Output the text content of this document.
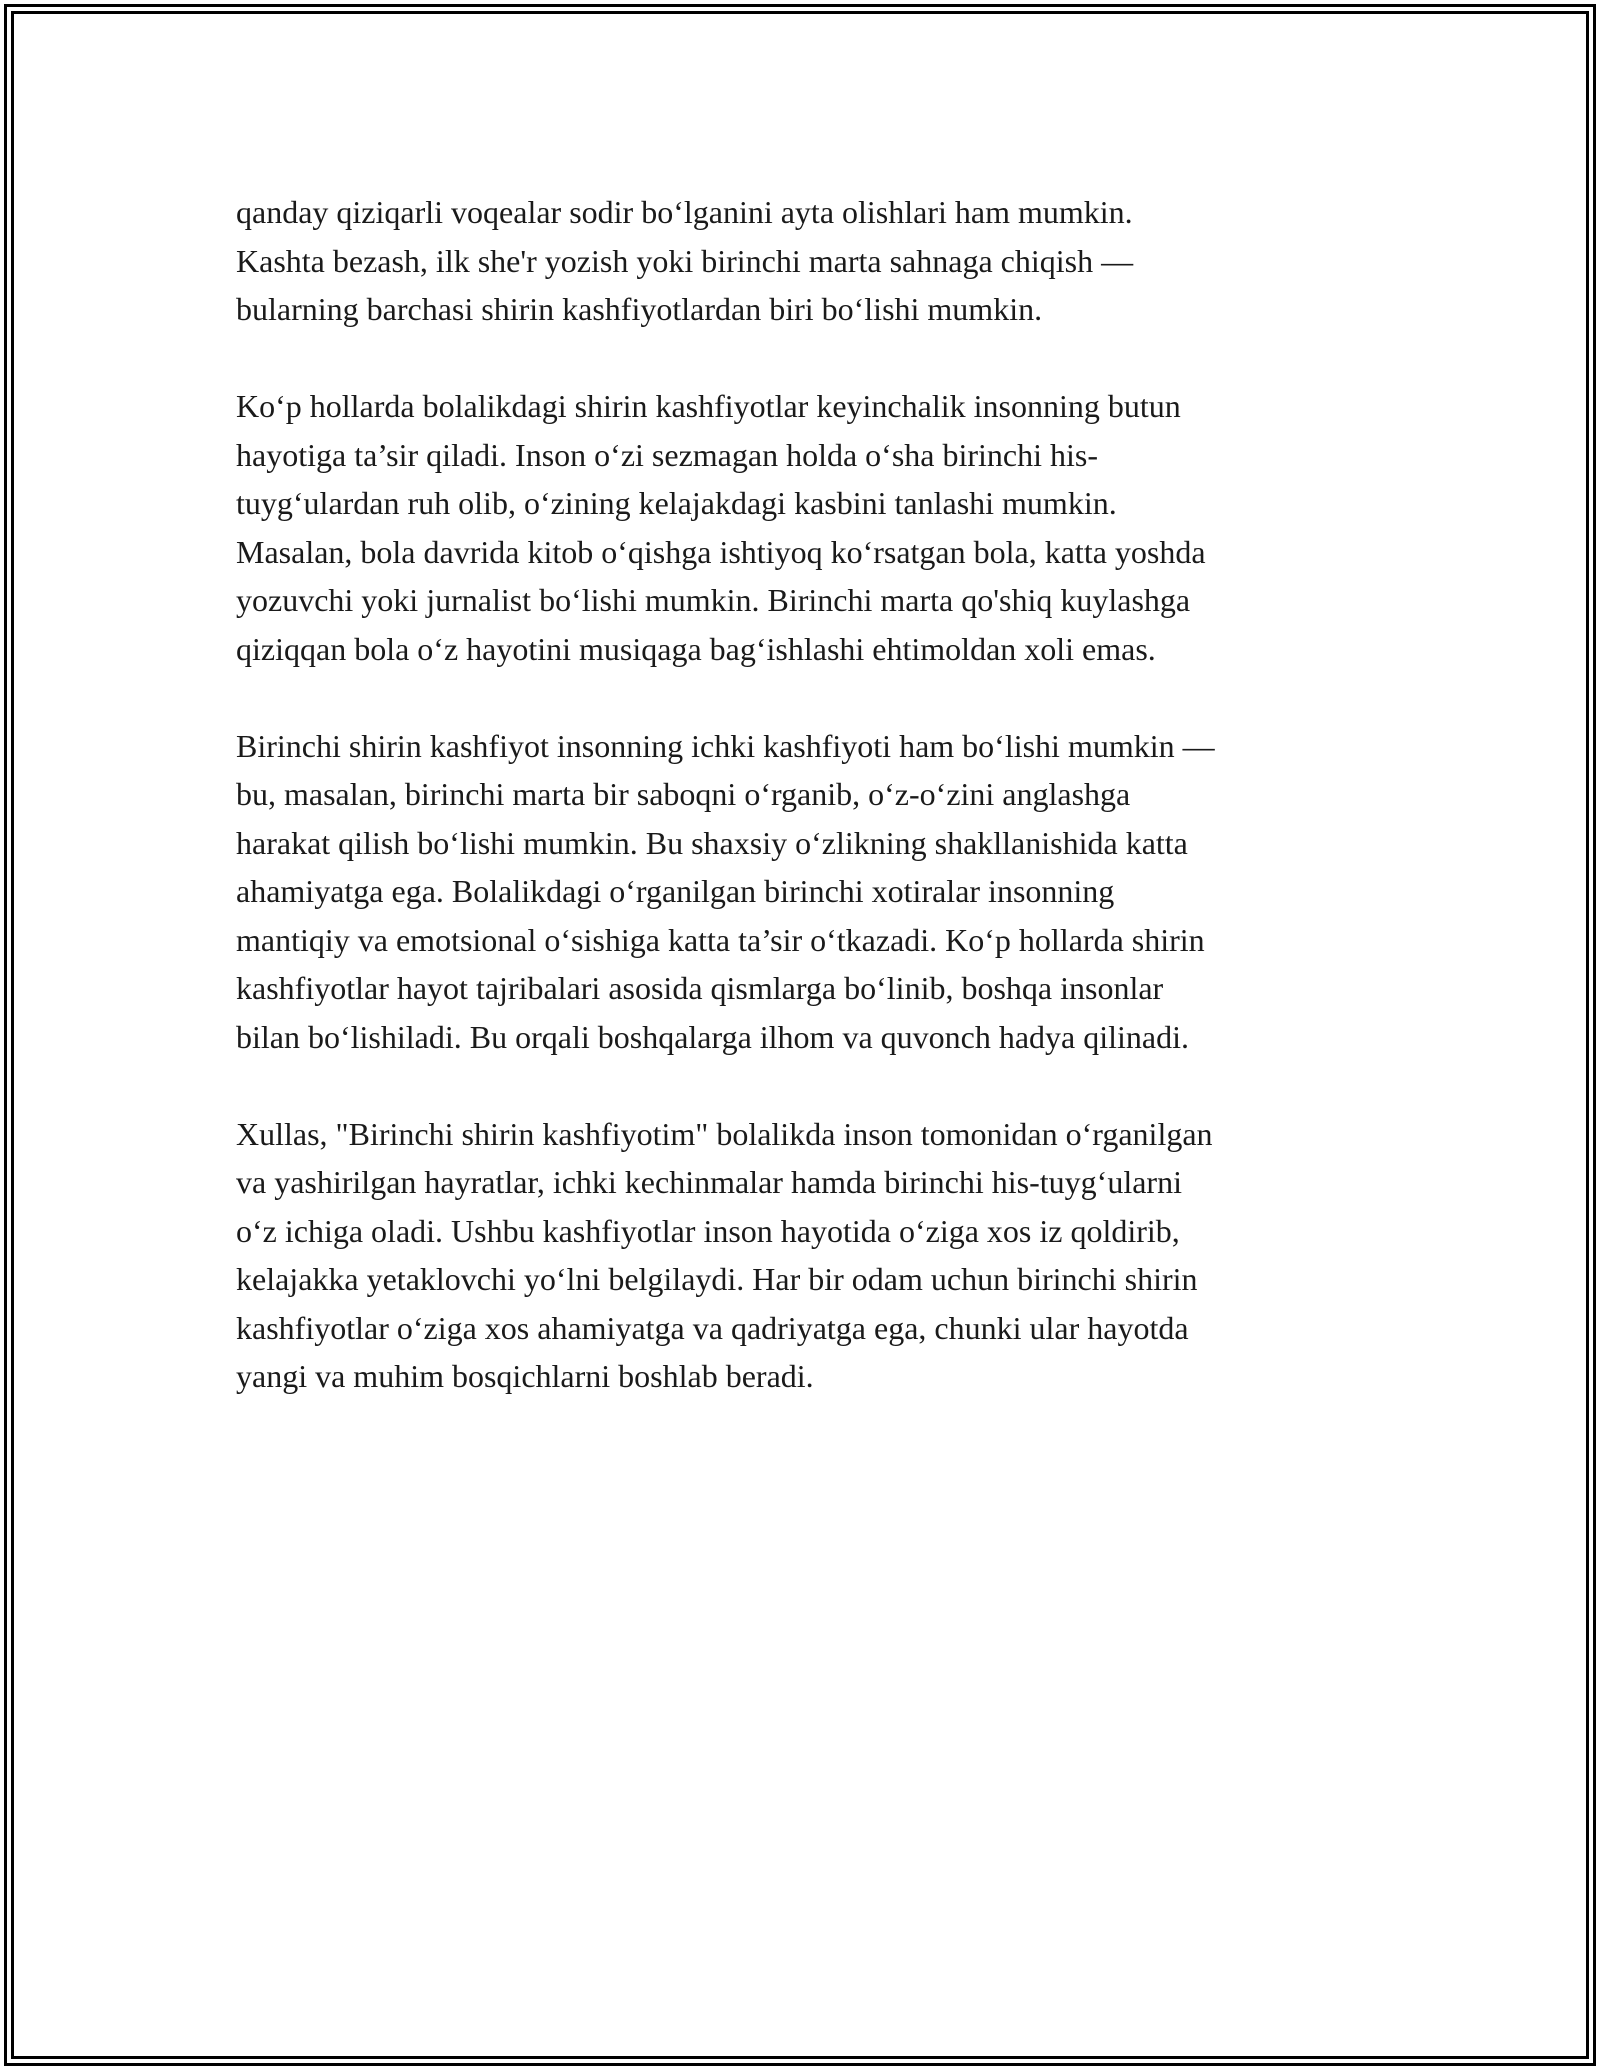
qanday qiziqarli voqealar sodir bo‘lganini ayta olishlari ham mumkin.
Kashta bezash, ilk she'r yozish yoki birinchi marta sahnaga chiqish —
bularning barchasi shirin kashfiyotlardan biri bo‘lishi mumkin.

Ko‘p hollarda bolalikdagi shirin kashfiyotlar keyinchalik insonning butun
hayotiga ta’sir qiladi. Inson o‘zi sezmagan holda o‘sha birinchi his-
tuyg‘ulardan ruh olib, o‘zining kelajakdagi kasbini tanlashi mumkin.
Masalan, bola davrida kitob o‘qishga ishtiyoq ko‘rsatgan bola, katta yoshda
yozuvchi yoki jurnalist bo‘lishi mumkin. Birinchi marta qo'shiq kuylashga
qiziqqan bola o‘z hayotini musiqaga bag‘ishlashi ehtimoldan xoli emas.

Birinchi shirin kashfiyot insonning ichki kashfiyoti ham bo‘lishi mumkin —
bu, masalan, birinchi marta bir saboqni o‘rganib, o‘z-o‘zini anglashga
harakat qilish bo‘lishi mumkin. Bu shaxsiy o‘zlikning shakllanishida katta
ahamiyatga ega. Bolalikdagi o‘rganilgan birinchi xotiralar insonning
mantiqiy va emotsional o‘sishiga katta ta’sir o‘tkazadi. Ko‘p hollarda shirin
kashfiyotlar hayot tajribalari asosida qismlarga bo‘linib, boshqa insonlar
bilan bo‘lishiladi. Bu orqali boshqalarga ilhom va quvonch hadya qilinadi.

Xullas, "Birinchi shirin kashfiyotim" bolalikda inson tomonidan o‘rganilgan
va yashirilgan hayratlar, ichki kechinmalar hamda birinchi his-tuyg‘ularni
o‘z ichiga oladi. Ushbu kashfiyotlar inson hayotida o‘ziga xos iz qoldirib,
kelajakka yetaklovchi yo‘lni belgilaydi. Har bir odam uchun birinchi shirin
kashfiyotlar o‘ziga xos ahamiyatga va qadriyatga ega, chunki ular hayotda
yangi va muhim bosqichlarni boshlab beradi.
